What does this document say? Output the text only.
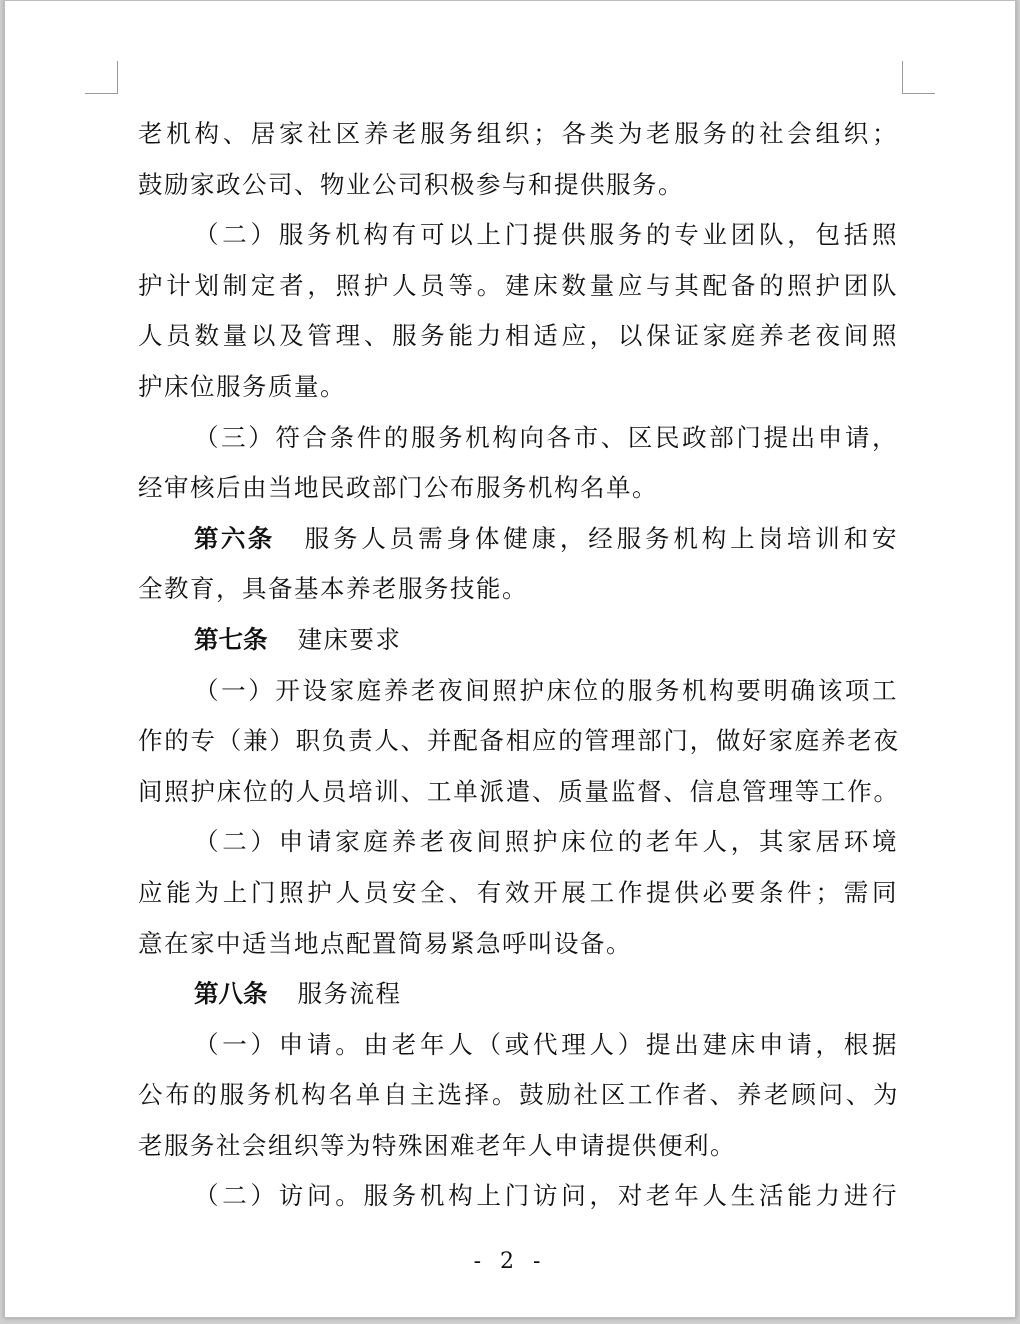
老机构、居家社区养老服务组织；各类为老服务的社会组织；
鼓励家政公司、物业公司积极参与和提供服务。
（二）服务机构有可以上门提供服务的专业团队，包括照
护计划制定者，照护人员等。建床数量应与其配备的照护团队
人员数量以及管理、服务能力相适应，以保证家庭养老夜间照
护床位服务质量。
（三）符合条件的服务机构向各市、区民政部门提出申请，
经审核后由当地民政部门公布服务机构名单。
第六条 服务人员需身体健康，经服务机构上岗培训和安
全教育，具备基本养老服务技能。
第七条 建床要求
（一）开设家庭养老夜间照护床位的服务机构要明确该项工
作的专（兼）职负责人、并配备相应的管理部门，做好家庭养老夜
间照护床位的人员培训、工单派遣、质量监督、信息管理等工作。
（二）申请家庭养老夜间照护床位的老年人，其家居环境
应能为上门照护人员安全、有效开展工作提供必要条件；需同
意在家中适当地点配置简易紧急呼叫设备。
第八条 服务流程
（一）申请。由老年人（或代理人）提出建床申请，根据
公布的服务机构名单自主选择。鼓励社区工作者、养老顾问、为
老服务社会组织等为特殊困难老年人申请提供便利。
（二）访问。服务机构上门访问，对老年人生活能力进行
- 2 -
